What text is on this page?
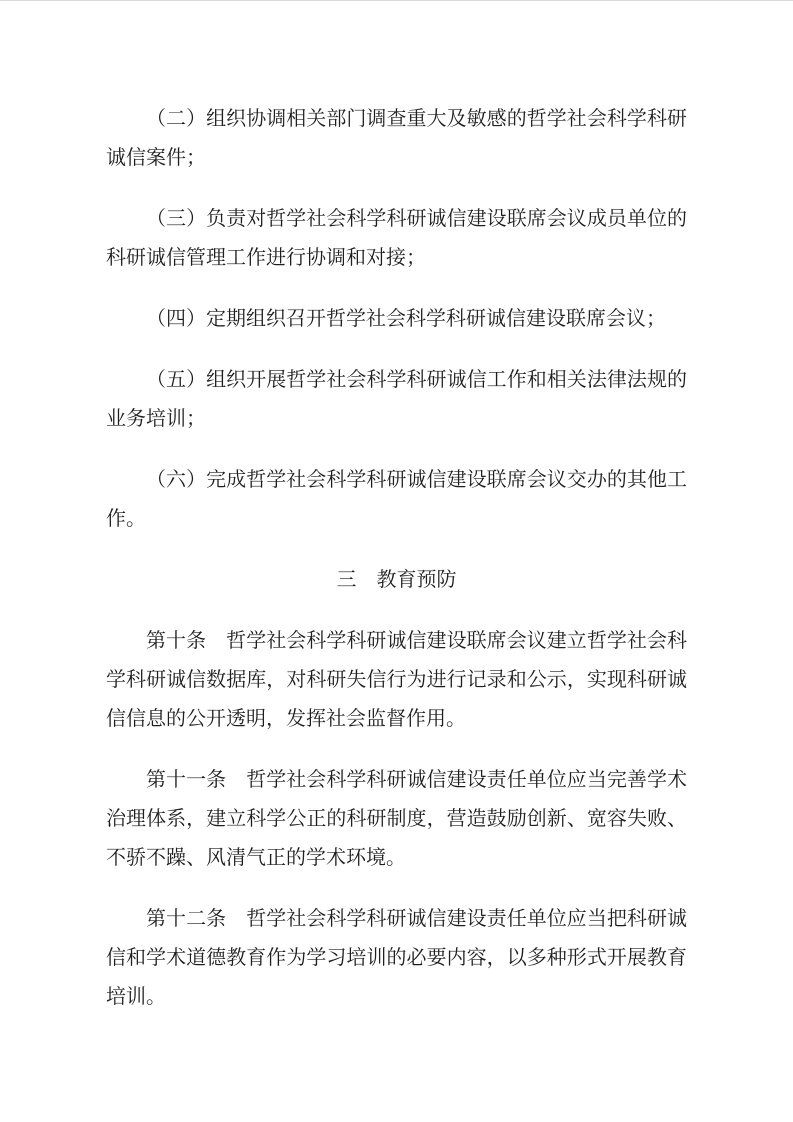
（二）组织协调相关部门调查重大及敏感的哲学社会科学科研诚信案件；

（三）负责对哲学社会科学科研诚信建设联席会议成员单位的科研诚信管理工作进行协调和对接；

（四）定期组织召开哲学社会科学科研诚信建设联席会议；

（五）组织开展哲学社会科学科研诚信工作和相关法律法规的业务培训；

（六）完成哲学社会科学科研诚信建设联席会议交办的其他工作。

三　教育预防

第十条　哲学社会科学科研诚信建设联席会议建立哲学社会科学科研诚信数据库，对科研失信行为进行记录和公示，实现科研诚信信息的公开透明，发挥社会监督作用。

第十一条　哲学社会科学科研诚信建设责任单位应当完善学术治理体系，建立科学公正的科研制度，营造鼓励创新、宽容失败、不骄不躁、风清气正的学术环境。

第十二条　哲学社会科学科研诚信建设责任单位应当把科研诚信和学术道德教育作为学习培训的必要内容，以多种形式开展教育培训。
